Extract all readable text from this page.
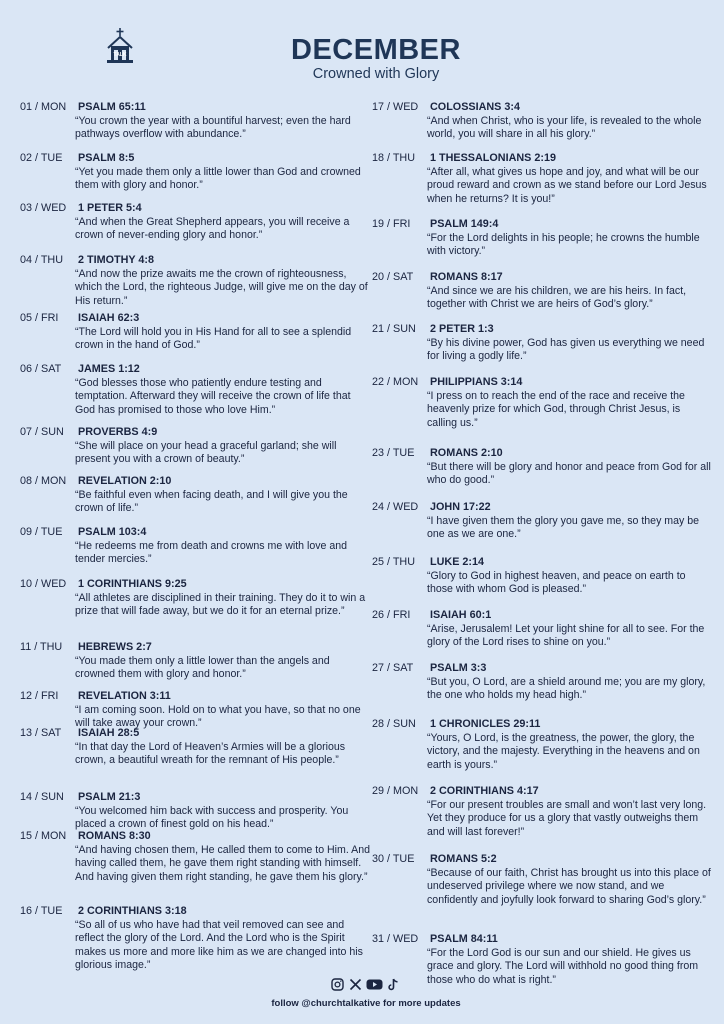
TALK	DECEMBER
Crowned with Glory
01 / MON PSALM 65:11
“You crown the year with a bountiful harvest; even the hard pathways overflow with abundance.”
02 / TUE PSALM 8:5
“Yet you made them only a little lower than God and crowned them with glory and honor.”
03 / WED 1 PETER 5:4
“And when the Great Shepherd appears, you will receive a crown of never-ending glory and honor.”
04 / THU 2 TIMOTHY 4:8
“And now the prize awaits me the crown of righteousness, which the Lord, the righteous Judge, will give me on the day of His return.”
05 / FRI ISAIAH 62:3
“The Lord will hold you in His Hand for all to see a splendid crown in the hand of God.”
06 / SAT JAMES 1:12
“God blesses those who patiently endure testing and temptation. Afterward they will receive the crown of life that God has promised to those who love Him.”
07 / SUN PROVERBS 4:9
“She will place on your head a graceful garland; she will present you with a crown of beauty.”
08 / MON REVELATION 2:10
“Be faithful even when facing death, and I will give you the crown of life.”
09 / TUE PSALM 103:4
“He redeems me from death and crowns me with love and tender mercies.”
10 / WED 1 CORINTHIANS 9:25
“All athletes are disciplined in their training. They do it to win a prize that will fade away, but we do it for an eternal prize.”
11 / THU HEBREWS 2:7
“You made them only a little lower than the angels and crowned them with glory and honor.”
12 / FRI REVELATION 3:11
“I am coming soon. Hold on to what you have, so that no one will take away your crown.”
13 / SAT ISAIAH 28:5
“In that day the Lord of Heaven’s Armies will be a glorious crown, a beautiful wreath for the remnant of His people.”
14 / SUN PSALM 21:3
“You welcomed him back with success and prosperity. You placed a crown of finest gold on his head.”
15 / MON ROMANS 8:30
“And having chosen them, He called them to come to Him. And having called them, he gave them right standing with himself. And having given them right standing, he gave them his glory.”
16 / TUE 2 CORINTHIANS 3:18
“So all of us who have had that veil removed can see and reflect the glory of the Lord. And the Lord who is the Spirit makes us more and more like him as we are changed into his glorious image.”
17 / WED COLOSSIANS 3:4
“And when Christ, who is your life, is revealed to the whole world, you will share in all his glory.”
18 / THU 1 THESSALONIANS 2:19
“After all, what gives us hope and joy, and what will be our proud reward and crown as we stand before our Lord Jesus when he returns? It is you!”
19 / FRI PSALM 149:4
“For the Lord delights in his people; he crowns the humble with victory.”
20 / SAT ROMANS 8:17
“And since we are his children, we are his heirs. In fact, together with Christ we are heirs of God’s glory.”
21 / SUN 2 PETER 1:3
“By his divine power, God has given us everything we need for living a godly life.”
22 / MON PHILIPPIANS 3:14
“I press on to reach the end of the race and receive the heavenly prize for which God, through Christ Jesus, is calling us.”
23 / TUE ROMANS 2:10
“But there will be glory and honor and peace from God for all who do good.”
24 / WED JOHN 17:22
“I have given them the glory you gave me, so they may be one as we are one.”
25 / THU LUKE 2:14
“Glory to God in highest heaven, and peace on earth to those with whom God is pleased.”
26 / FRI ISAIAH 60:1
“Arise, Jerusalem! Let your light shine for all to see. For the glory of the Lord rises to shine on you.”
27 / SAT PSALM 3:3
“But you, O Lord, are a shield around me; you are my glory, the one who holds my head high.”
28 / SUN 1 CHRONICLES 29:11
“Yours, O Lord, is the greatness, the power, the glory, the victory, and the majesty. Everything in the heavens and on earth is yours.”
29 / MON 2 CORINTHIANS 4:17
“For our present troubles are small and won’t last very long. Yet they produce for us a glory that vastly outweighs them and will last forever!”
30 / TUE ROMANS 5:2
“Because of our faith, Christ has brought us into this place of undeserved privilege where we now stand, and we confidently and joyfully look forward to sharing God’s glory.”
31 / WED PSALM 84:11
“For the Lord God is our sun and our shield. He gives us grace and glory. The Lord will withhold no good thing from those who do what is right.”

follow @churchtalkative for more updates
